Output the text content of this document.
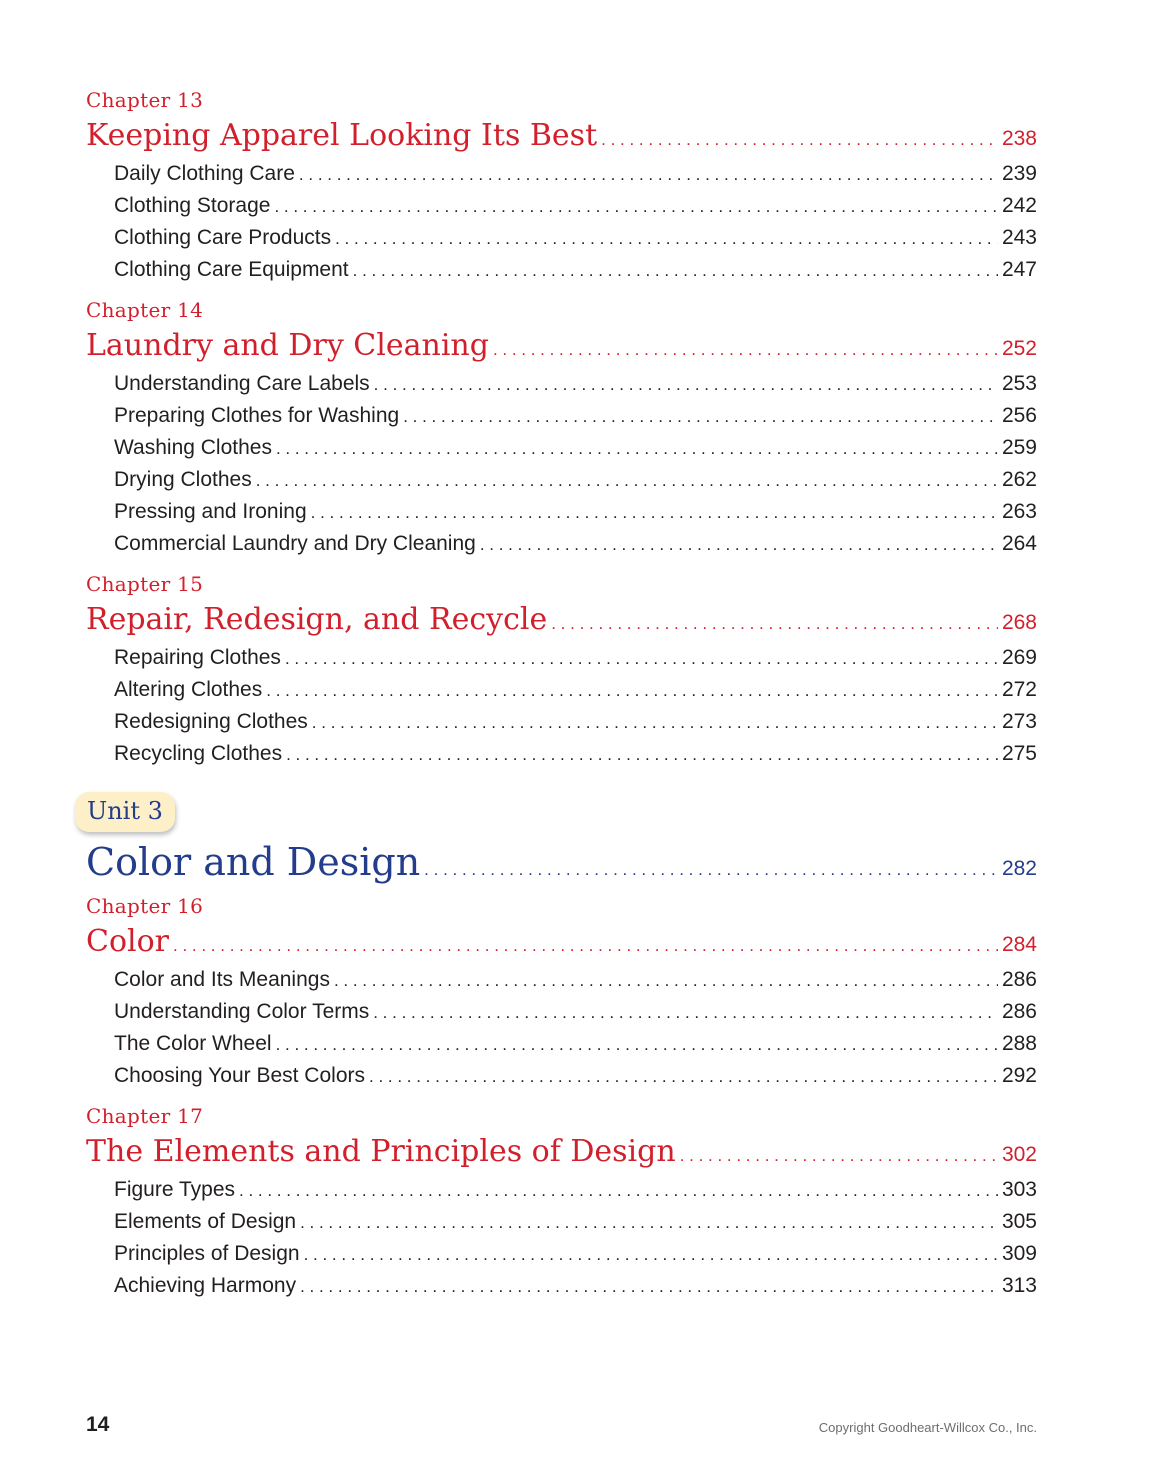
Chapter 13
Keeping Apparel Looking Its Best . . .	238
Daily Clothing Care . . .	239
Clothing Storage . . .	242
Clothing Care Products . . .	243
Clothing Care Equipment . . .	247
Chapter 14
Laundry and Dry Cleaning . . .	252
Understanding Care Labels . . .	253
Preparing Clothes for Washing . . .	256
Washing Clothes . . .	259
Drying Clothes . . .	262
Pressing and Ironing . . .	263
Commercial Laundry and Dry Cleaning . . .	264
Chapter 15
Repair, Redesign, and Recycle . . .	268
Repairing Clothes . . .	269
Altering Clothes . . .	272
Redesigning Clothes . . .	273
Recycling Clothes . . .	275
Unit 3
Color and Design . . .	282
Chapter 16
Color . . .	284
Color and Its Meanings . . .	286
Understanding Color Terms . . .	286
The Color Wheel . . .	288
Choosing Your Best Colors . . .	292
Chapter 17
The Elements and Principles of Design . . .	302
Figure Types . . .	303
Elements of Design . . .	305
Principles of Design . . .	309
Achieving Harmony . . .	313
14	Copyright Goodheart-Willcox Co., Inc.
